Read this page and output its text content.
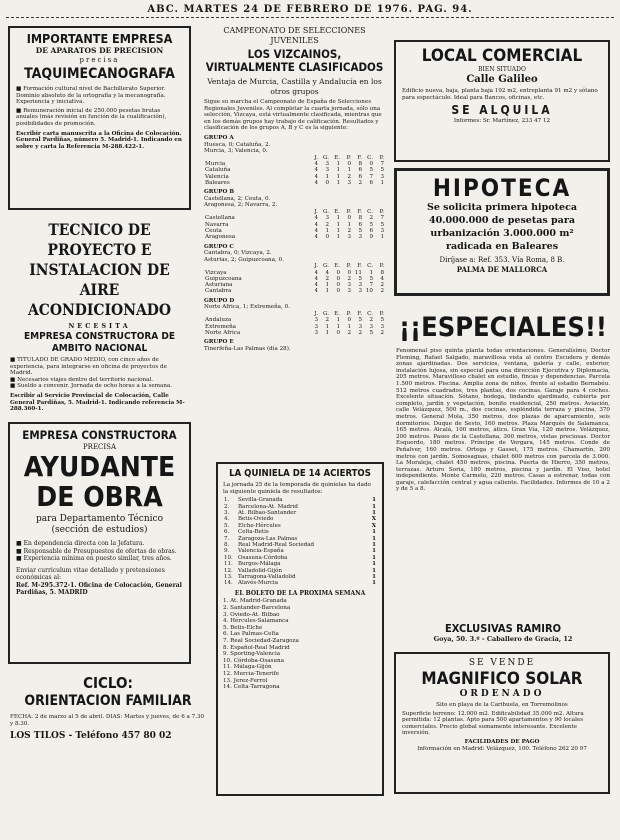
ABC. MARTES 24 DE FEBRERO DE 1976. PAG. 94.

IMPORTANTE EMPRESA

DE APARATOS DE PRECISION

precisa

TAQUIMECANOGRAFA

■ Formación cultural nivel de Bachillerato Superior. Dominio absoluto de la ortografía y la mecanografía. Experiencia y iniciativa.

■ Remuneración inicial de 250.000 pesetas brutas anuales (más revisión en función de la cualificación), posibilidades de promoción.

Escribir carta manuscrita a la Oficina de Colocación. General Pardiñas, número 5. Madrid-1. Indicando en sobre y carta la Referencia M-288.422-1.

TECNICO DE PROYECTO E INSTALACION DE AIRE ACONDICIONADO

NECESITA

EMPRESA CONSTRUCTORA DE AMBITO NACIONAL

■ TITULADO DE GRADO MEDIO, con cinco años de experiencia, para integrarse en oficina de proyectos de Madrid.

■ Necesarios viajes dentro del territorio nacional.

■ Sueldo a convenir. Jornada de ocho horas a la semana.

Escribir al Servicio Provincial de Colocación, Calle General Pardiñas, 5. Madrid-1. Indicando referencia M-288.360-1.

EMPRESA CONSTRUCTORA

PRECISA

AYUDANTE DE OBRA

para Departamento Técnico (sección de estudios)

■ En dependencia directa con la Jefatura.

■ Responsable de Presupuestos de ofertas de obras.

■ Experiencia mínima en puesto similar, tres años.

Enviar curriculum vitae detallado y pretensiones económicas al:

Ref. M-295.372-1. Oficina de Colocación, General Pardiñas, 5. MADRID

CICLO:

ORIENTACION FAMILIAR

FECHA: 2 de marzo al 5 de abril. DIAS: Martes y jueves, de 6 a 7.30 y 8.30.

LOS TILOS - Teléfono 457 80 02

CAMPEONATO DE SELECCIONES JUVENILES

LOS VIZCAINOS, VIRTUALMENTE CLASIFICADOS

Ventaja de Murcia, Castilla y Andalucía en los otros grupos

Sigue su marcha el Campeonato de España de Selecciones Regionales Juveniles. Al completar la cuarta jornada, sólo una selección, Vizcaya, está virtualmente clasificada, mientras que en los demás grupos hay trabajo de calificación. Resultados y clasificación de los grupos A, B y C es la siguiente:

GRUPO A

Huesca, 0; Cataluña, 2.

Murcia, 3; Valencia, 0.

	J.	G.	E.	P.	F.	C.	P.
Murcia	4	3	1	0	8	0	7
Cataluña	4	3	1	1	6	5	5
Valencia	4	1	1	2	6	7	3
Baleares	4	0	1	3	2	6	1

GRUPO B

Castellana, 2; Ceuta, 0.

Aragonesa, 2; Navarra, 2.

	J.	G.	E.	P.	F.	C.	P.
Castellana	4	3	1	0	8	2	7
Navarra	4	2	1	1	6	5	5
Ceuta	4	1	1	2	5	6	3
Aragonesa	4	0	1	3	3	9	1

GRUPO C

Cantabra, 0; Vizcaya, 2.

Asturias, 2; Guipuzcoana, 0.

	J.	G.	E.	P.	F.	C.	P.
Vizcaya	4	4	0	0	11	1	8
Guipuzcoana	4	2	0	2	5	5	4
Asturiana	4	1	0	3	3	7	2
Cantabra	4	1	0	3	3	10	2

GRUPO D

Norte Africa, 1; Extremeña, 0.

	J.	G.	E.	P.	F.	C.	P.
Andaluza	3	2	1	0	5	2	5
Extremeña	3	1	1	1	3	3	3
Norte Africa	3	1	0	2	2	5	2

GRUPO E

Tinerfeña-Las Palmas (día 28).

LA QUINIELA DE 14 ACIERTOS

La jornada 25 de la temporada de quinielas ha dado la siguiente quiniela de resultados:

1.	Sevilla-Granada	1
2.	Barcelona-At. Madrid	1
3.	At. Bilbao-Santander	1
4.	Betis-Oviedo	X
5.	Elche-Hércules	X
6.	Celta-Betis	1
7.	Zaragoza-Las Palmas	1
8.	Real Madrid-Real Sociedad	1
9.	Valencia-España	1
10.	Osasuna-Córdoba	1
11.	Burgos-Málaga	1
12.	Valladolid-Gijón	1
13.	Tarragona-Valladolid	1
14.	Alavés-Murcia	1

EL BOLETO DE LA PROXIMA SEMANA

1. At. Madrid-Granada

2. Santander-Barcelona

3. Oviedo-At. Bilbao

4. Hércules-Salamanca

5. Betis-Elche

6. Las Palmas-Celta

7. Real Sociedad-Zaragoza

8. Español-Real Madrid

9. Sporting-Valencia

10. Córdoba-Osasuna

11. Málaga-Gijón

12. Murcia-Tenerife

13. Jerez-Ferrol

14. Celta-Tarragona

LOCAL COMERCIAL

BIEN SITUADO

Calle Galileo

Edificio nueva, baja, planta baja 192 m2, entreplanta 91 m2 y sótano para espectáculo. Ideal para Bancos, oficinas, etc.

SE ALQUILA

Informes: Sr. Martínez, 233 47 12

HIPOTECA

Se solicita primera hipoteca

40.000.000 de pesetas para

urbanización 3.000.000 m²

radicada en Baleares

Diríjase a: Ref. 353. Vía Roma, 8 B.

PALMA DE MALLORCA

¡¡ESPECIALES!!

Fenomenal piso quinta planta todas orientaciones. Generalísimo, Doctor Fleming, Rafael Salgado, maravillosa vista al centro Escudera y demás zonas ajardinadas. Dos servicios, ventana, galería y calle, exterior, instalación lujosa, sin especial para una dirección Ejecutiva y Diplomacia, 205 metros. Maravilloso chalet en estudio, fincas y dependencias. Parcela 1.500 metros. Piscina. Amplia zona de niños, frente al estadio Bernabéu. 512 metros cuadrados, tres plantas, dos cocinas. Garaje para 4 coches. Excelente situación. Sótano, bodega, lindando ajardinado, cubierta por completo, jardín y vegetación, bonito residencial, 250 metros. Aviación, calle Velázquez, 500 m., dos cocinas, espléndida terraza y piscina, 370 metros. General Mola, 350 metros, dos plazas de aparcamiento, seis dormitorios. Duque de Sesto, 160 metros. Plaza Marqués de Salamanca, 165 metros. Alcalá, 100 metros, ático. Gran Vía, 120 metros. Velázquez, 200 metros. Paseo de la Castellana, 300 metros, vistas preciosas. Doctor Esquerdo, 180 metros. Príncipe de Vergara, 145 metros. Conde de Peñalver, 160 metros. Ortega y Gasset, 175 metros. Chamartín, 200 metros con jardín. Somosaguas, chalet 600 metros con parcela de 3.000. La Moraleja, chalet 450 metros, piscina. Puerta de Hierro, 350 metros, terrazas. Arturo Soria, 180 metros, piscina y jardín. El Viso, hotel independiente. Monte Carmelo, 220 metros. Casas a estrenar, todas con garaje, calefacción central y agua caliente. Facilidades. Informes de 10 a 2 y de 5 a 8.

EXCLUSIVAS RAMIRO

Goya, 50. 3.º - Caballero de Gracia, 12

SE VENDE

MAGNIFICO SOLAR

ORDENADO

Sito en playa de la Carihuela, en Torremolinos

Superficie terreno: 12.000 m2. Edificabilidad 35.000 m2. Altura permitida: 12 plantas. Apto para 500 apartamentos y 90 locales comerciales. Precio global sumamente interesante. Excelente inversión.

FACILIDADES DE PAGO

Información en Madrid: Velázquez, 100. Teléfono 262 20 97
